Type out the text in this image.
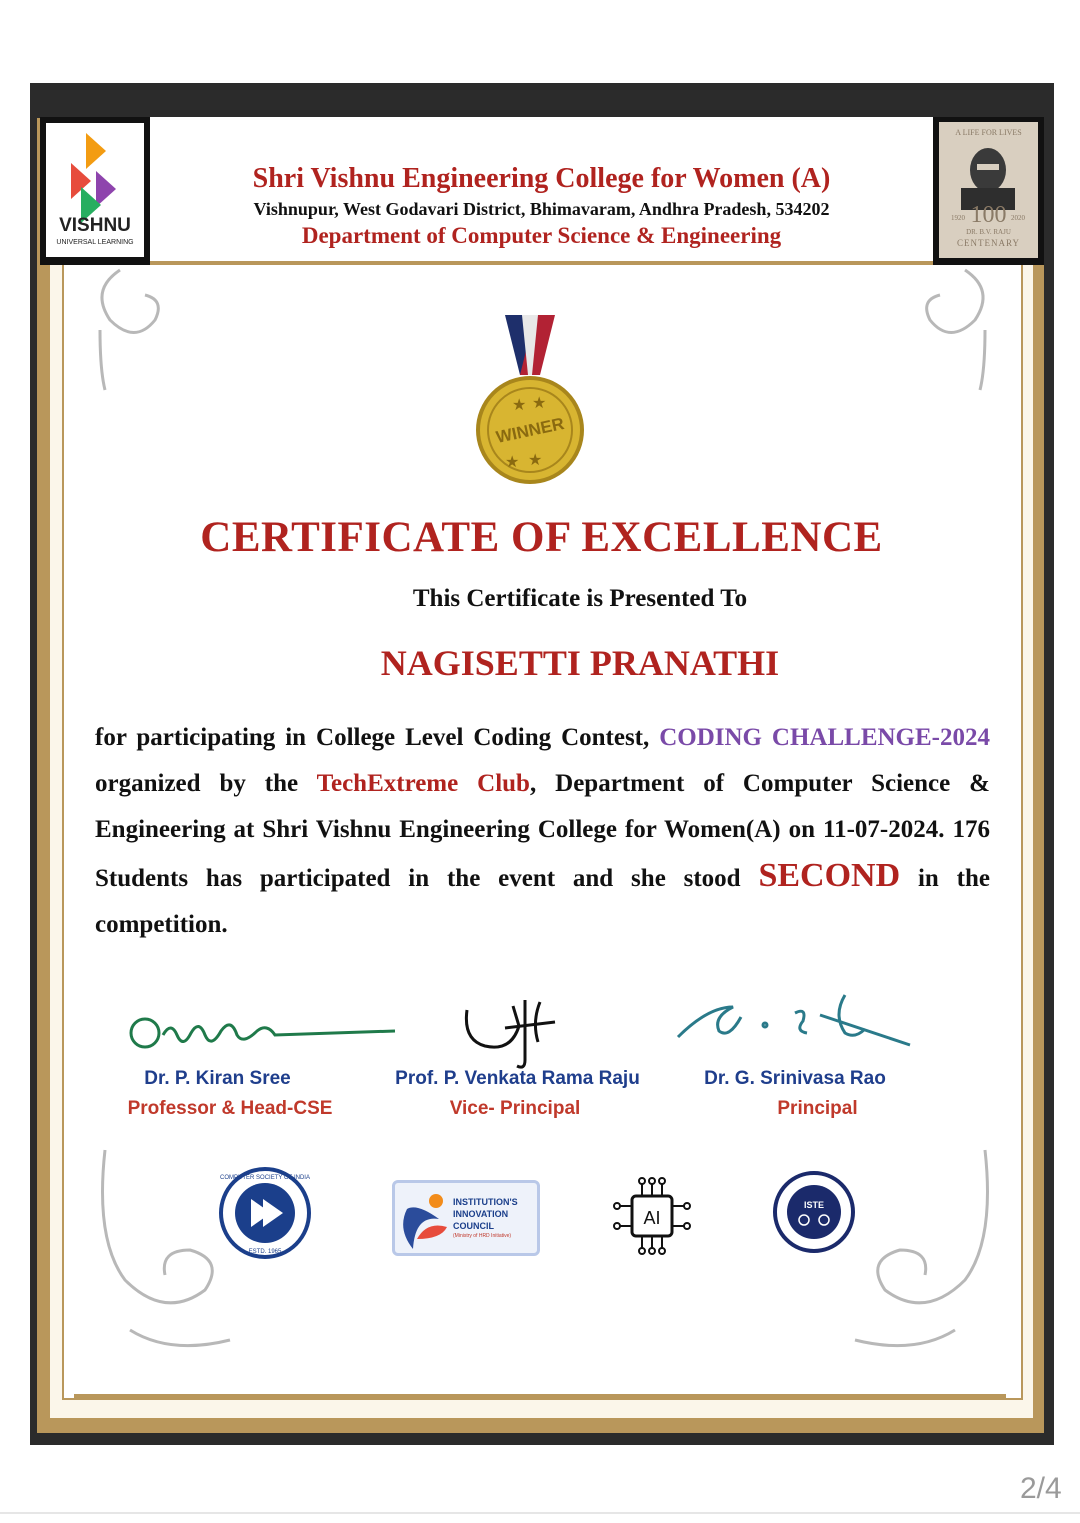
VISHNU
UNIVERSAL LEARNING
A LIFE FOR LIVES
1920 100 2020
DR. B.V. RAJU
CENTENARY
Shri Vishnu Engineering College for Women (A)
Vishnupur, West Godavari District, Bhimavaram, Andhra Pradesh, 534202
Department of Computer Science & Engineering
WINNER
★ ★
★ ★
CERTIFICATE OF EXCELLENCE
This Certificate is Presented To
NAGISETTI PRANATHI
for participating in College Level Coding Contest, CODING CHALLENGE-2024 organized by the TechExtreme Club, Department of Computer Science & Engineering at Shri Vishnu Engineering College for Women(A) on 11-07-2024. 176 Students has participated in the event and she stood SECOND in the competition.
Dr. P. Kiran Sree
Professor & Head-CSE
Prof. P. Venkata Rama Raju
Vice- Principal
Dr. G. Srinivasa Rao
Principal
COMPUTER SOCIETY OF INDIA
ESTD. 1965
INSTITUTION'S
INNOVATION
COUNCIL
(Ministry of HRD Initiative)
AI
ISTE
2/4
